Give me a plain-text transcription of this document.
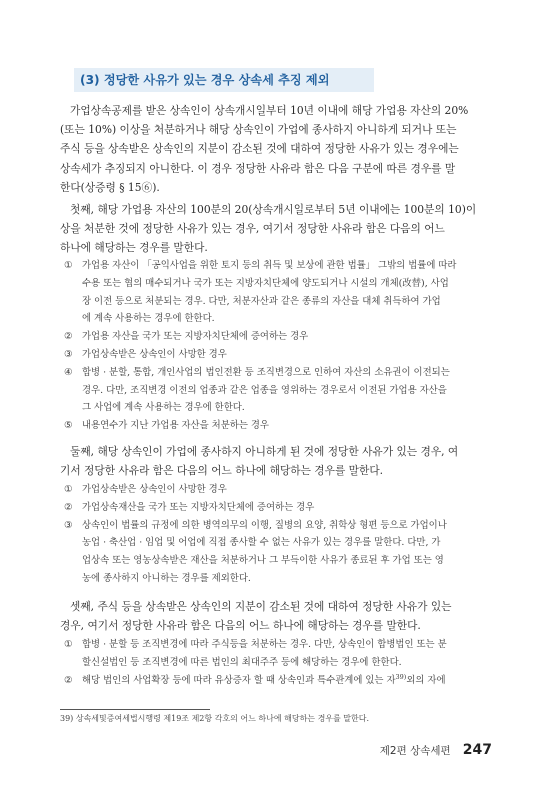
(3) 정당한 사유가 있는 경우 상속세 추징 제외
가업상속공제를 받은 상속인이 상속개시일부터 10년 이내에 해당 가업용 자산의 20%
(또는 10%) 이상을 처분하거나 해당 상속인이 가업에 종사하지 아니하게 되거나 또는
주식 등을 상속받은 상속인의 지분이 감소된 것에 대하여 정당한 사유가 있는 경우에는
상속세가 추징되지 아니한다. 이 경우 정당한 사유라 함은 다음 구분에 따른 경우를 말
한다(상증령 § 15⑥).
첫째, 해당 가업용 자산의 100분의 20(상속개시일로부터 5년 이내에는 100분의 10)이
상을 처분한 것에 정당한 사유가 있는 경우, 여기서 정당한 사유라 함은 다음의 어느
하나에 해당하는 경우를 말한다.
① 가업용 자산이 「공익사업을 위한 토지 등의 취득 및 보상에 관한 법률」 그밖의 법률에 따라
수용 또는 협의 매수되거나 국가 또는 지방자치단체에 양도되거나 시설의 개체(改替), 사업
장 이전 등으로 처분되는 경우. 다만, 처분자산과 같은 종류의 자산을 대체 취득하여 가업
에 계속 사용하는 경우에 한한다.
② 가업용 자산을 국가 또는 지방자치단체에 증여하는 경우
③ 가업상속받은 상속인이 사망한 경우
④ 합병 · 분할, 통합, 개인사업의 법인전환 등 조직변경으로 인하여 자산의 소유권이 이전되는
경우. 다만, 조직변경 이전의 업종과 같은 업종을 영위하는 경우로서 이전된 가업용 자산을
그 사업에 계속 사용하는 경우에 한한다.
⑤ 내용연수가 지난 가업용 자산을 처분하는 경우
둘째, 해당 상속인이 가업에 종사하지 아니하게 된 것에 정당한 사유가 있는 경우, 여
기서 정당한 사유라 함은 다음의 어느 하나에 해당하는 경우를 말한다.
① 가업상속받은 상속인이 사망한 경우
② 가업상속재산을 국가 또는 지방자치단체에 증여하는 경우
③ 상속인이 법률의 규정에 의한 병역의무의 이행, 질병의 요양, 취학상 형편 등으로 가업이나
농업 · 축산업 · 임업 및 어업에 직접 종사할 수 없는 사유가 있는 경우를 말한다. 다만, 가
업상속 또는 영농상속받은 재산을 처분하거나 그 부득이한 사유가 종료된 후 가업 또는 영
농에 종사하지 아니하는 경우를 제외한다.
셋째, 주식 등을 상속받은 상속인의 지분이 감소된 것에 대하여 정당한 사유가 있는
경우, 여기서 정당한 사유라 함은 다음의 어느 하나에 해당하는 경우를 말한다.
① 합병 · 분할 등 조직변경에 따라 주식등을 처분하는 경우. 다만, 상속인이 합병법인 또는 분
할신설법인 등 조직변경에 따른 법인의 최대주주 등에 해당하는 경우에 한한다.
② 해당 법인의 사업확장 등에 따라 유상증자 할 때 상속인과 특수관계에 있는 자$^{39)}$외의 자에
39) 상속세및증여세법시행령 제19조 제2항 각호의 어느 하나에 해당하는 경우를 말한다.
제2편 상속세편 247
